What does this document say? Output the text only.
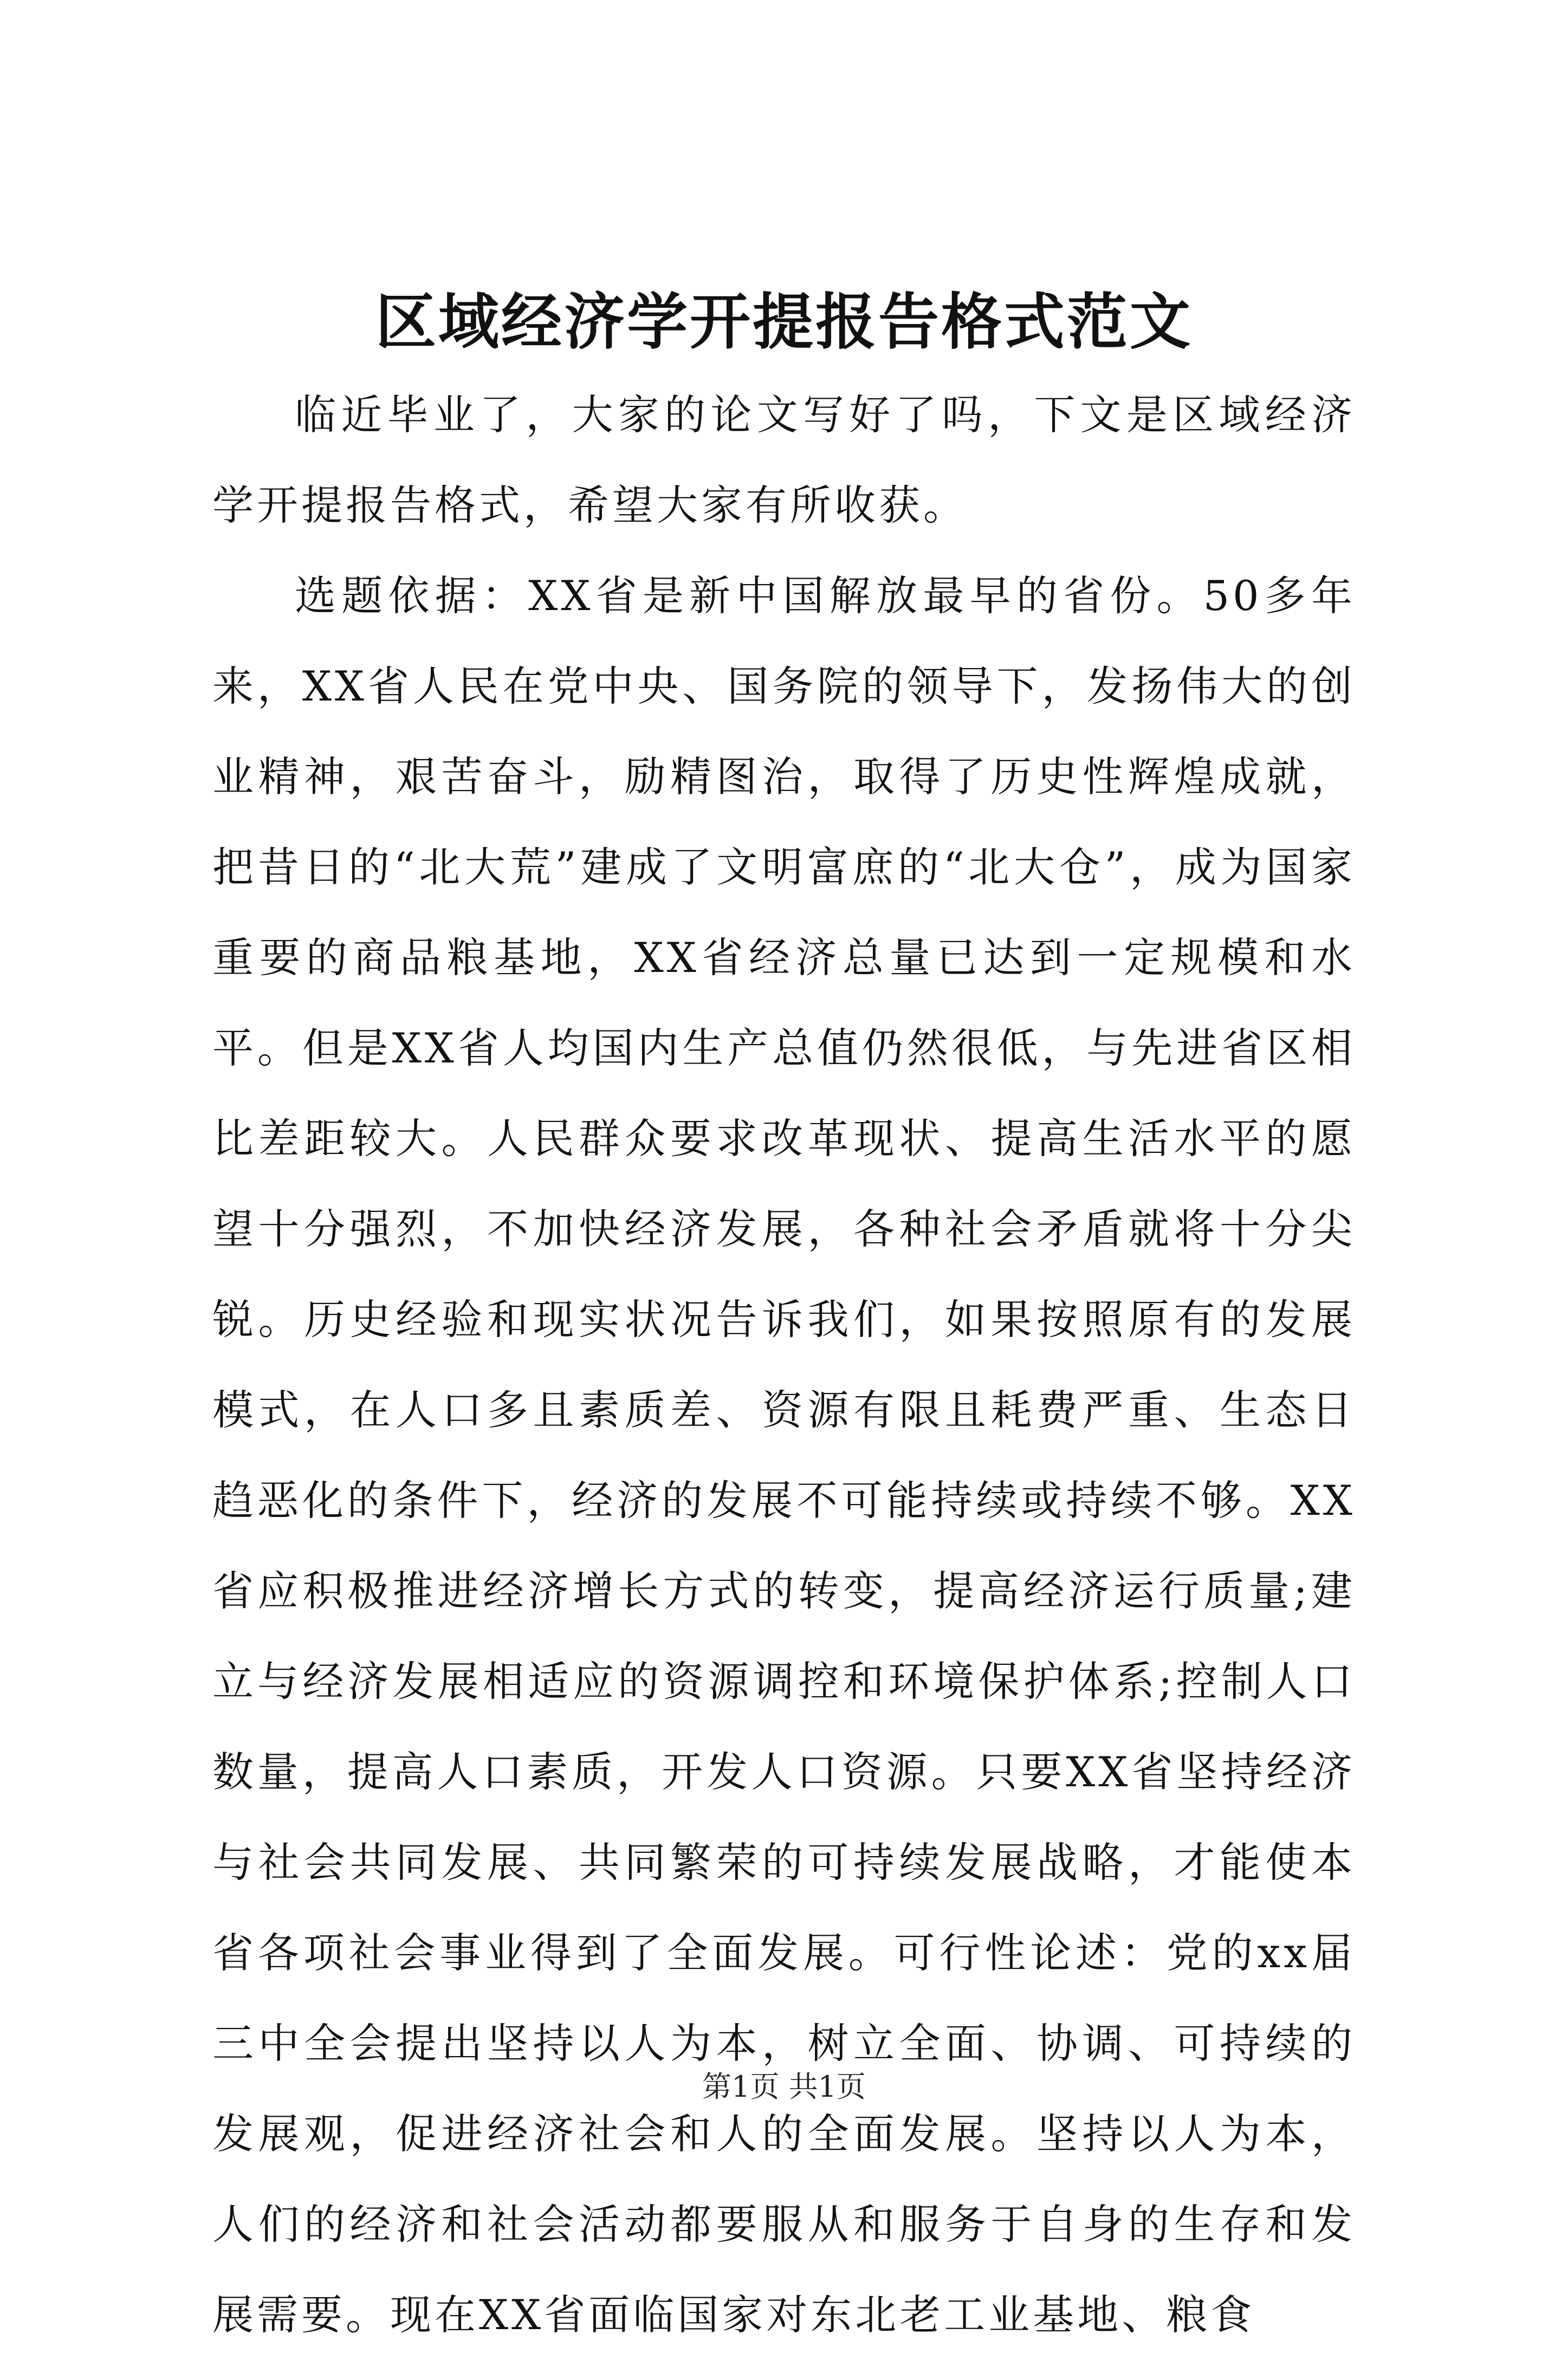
区域经济学开提报告格式范文

临近毕业了，大家的论文写好了吗，下文是区域经济学开提报告格式，希望大家有所收获。

选题依据：XX省是新中国解放最早的省份。50多年来，XX省人民在党中央、国务院的领导下，发扬伟大的创业精神，艰苦奋斗，励精图治，取得了历史性辉煌成就，把昔日的“北大荒”建成了文明富庶的“北大仓”，成为国家重要的商品粮基地，XX省经济总量已达到一定规模和水平。但是XX省人均国内生产总值仍然很低，与先进省区相比差距较大。人民群众要求改革现状、提高生活水平的愿望十分强烈，不加快经济发展，各种社会矛盾就将十分尖锐。历史经验和现实状况告诉我们，如果按照原有的发展模式，在人口多且素质差、资源有限且耗费严重、生态日趋恶化的条件下，经济的发展不可能持续或持续不够。XX省应积极推进经济增长方式的转变，提高经济运行质量;建立与经济发展相适应的资源调控和环境保护体系;控制人口数量，提高人口素质，开发人口资源。只要XX省坚持经济与社会共同发展、共同繁荣的可持续发展战略，才能使本省各项社会事业得到了全面发展。可行性论述：党的xx届三中全会提出坚持以人为本，树立全面、协调、可持续的发展观，促进经济社会和人的全面发展。坚持以人为本，人们的经济和社会活动都要服从和服务于自身的生存和发展需要。现在XX省面临国家对东北老工业基地、粮食

第1页 共1页
